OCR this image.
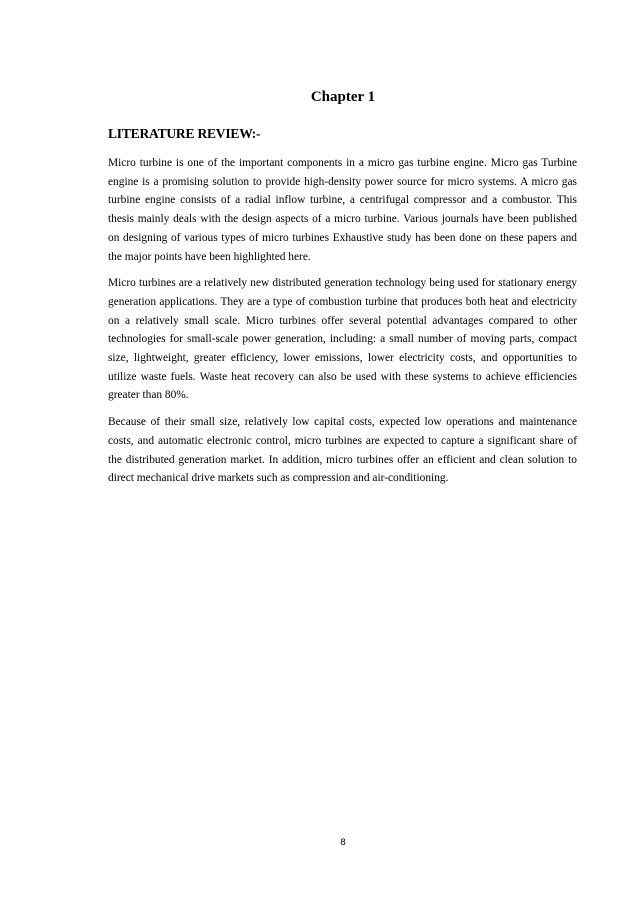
Chapter 1
LITERATURE REVIEW:-

Micro turbine is one of the important components in a micro gas turbine engine. Micro gas Turbine engine is a promising solution to provide high-density power source for micro systems. A micro gas turbine engine consists of a radial inflow turbine, a centrifugal compressor and a combustor. This thesis mainly deals with the design aspects of a micro turbine. Various journals have been published on designing of various types of micro turbines Exhaustive study has been done on these papers and the major points have been highlighted here.

Micro turbines are a relatively new distributed generation technology being used for stationary energy generation applications. They are a type of combustion turbine that produces both heat and electricity on a relatively small scale. Micro turbines offer several potential advantages compared to other technologies for small-scale power generation, including: a small number of moving parts, compact size, lightweight, greater efficiency, lower emissions, lower electricity costs, and opportunities to utilize waste fuels. Waste heat recovery can also be used with these systems to achieve efficiencies greater than 80%.

Because of their small size, relatively low capital costs, expected low operations and maintenance costs, and automatic electronic control, micro turbines are expected to capture a significant share of the distributed generation market. In addition, micro turbines offer an efficient and clean solution to direct mechanical drive markets such as compression and air-conditioning.

8
